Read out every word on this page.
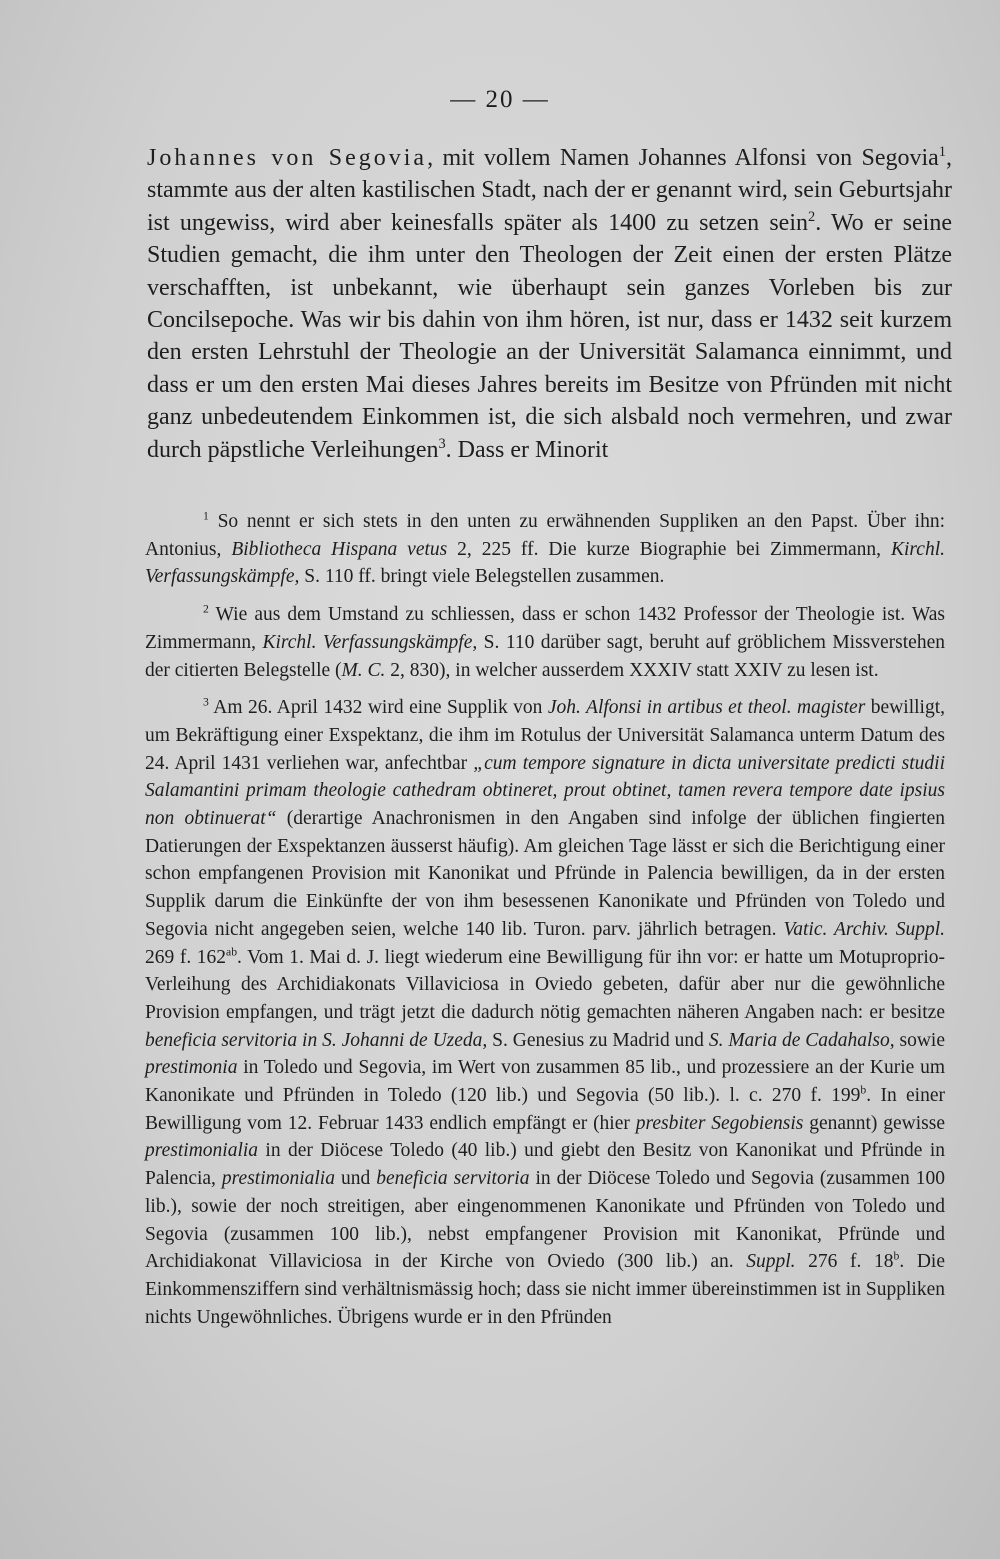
— 20 —

Johannes von Segovia, mit vollem Namen Johannes Alfonsi von Segovia$^1$, stammte aus der alten kastilischen Stadt, nach der er genannt wird, sein Geburtsjahr ist ungewiss, wird aber keinesfalls später als 1400 zu setzen sein$^2$. Wo er seine Studien gemacht, die ihm unter den Theologen der Zeit einen der ersten Plätze verschafften, ist unbekannt, wie überhaupt sein ganzes Vorleben bis zur Concilsepoche. Was wir bis dahin von ihm hören, ist nur, dass er 1432 seit kurzem den ersten Lehrstuhl der Theologie an der Universität Salamanca einnimmt, und dass er um den ersten Mai dieses Jahres bereits im Besitze von Pfründen mit nicht ganz unbedeutendem Einkommen ist, die sich alsbald noch vermehren, und zwar durch päpstliche Verleihungen$^3$. Dass er Minorit

$^1$ So nennt er sich stets in den unten zu erwähnenden Suppliken an den Papst. Über ihn: Antonius, Bibliotheca Hispana vetus 2, 225 ff. Die kurze Biographie bei Zimmermann, Kirchl. Verfassungskämpfe, S. 110 ff. bringt viele Belegstellen zusammen.

$^2$ Wie aus dem Umstand zu schliessen, dass er schon 1432 Professor der Theologie ist. Was Zimmermann, Kirchl. Verfassungskämpfe, S. 110 darüber sagt, beruht auf gröblichem Missverstehen der citierten Belegstelle (M. C. 2, 830), in welcher ausserdem XXXIV statt XXIV zu lesen ist.

$^3$ Am 26. April 1432 wird eine Supplik von Joh. Alfonsi in artibus et theol. magister bewilligt, um Bekräftigung einer Exspektanz, die ihm im Rotulus der Universität Salamanca unterm Datum des 24. April 1431 verliehen war, anfechtbar „cum tempore signature in dicta universitate predicti studii Salamantini primam theologie cathedram obtineret, prout obtinet, tamen revera tempore date ipsius non obtinuerat“ (derartige Anachronismen in den Angaben sind infolge der üblichen fingierten Datierungen der Exspektanzen äusserst häufig). Am gleichen Tage lässt er sich die Berichtigung einer schon empfangenen Provision mit Kanonikat und Pfründe in Palencia bewilligen, da in der ersten Supplik darum die Einkünfte der von ihm besessenen Kanonikate und Pfründen von Toledo und Segovia nicht angegeben seien, welche 140 lib. Turon. parv. jährlich betragen. Vatic. Archiv. Suppl. 269 f. $162^{ab}$. Vom 1. Mai d. J. liegt wiederum eine Bewilligung für ihn vor: er hatte um Motuproprio-Verleihung des Archidiakonats Villaviciosa in Oviedo gebeten, dafür aber nur die gewöhnliche Provision empfangen, und trägt jetzt die dadurch nötig gemachten näheren Angaben nach: er besitze beneficia servitoria in S. Johanni de Uzeda, S. Genesius zu Madrid und S. Maria de Cadahalso, sowie prestimonia in Toledo und Segovia, im Wert von zusammen 85 lib., und prozessiere an der Kurie um Kanonikate und Pfründen in Toledo (120 lib.) und Segovia (50 lib.). l. c. 270 f. 199$^b$. In einer Bewilligung vom 12. Februar 1433 endlich empfängt er (hier presbiter Segobiensis genannt) gewisse prestimonialia in der Diöcese Toledo (40 lib.) und giebt den Besitz von Kanonikat und Pfründe in Palencia, prestimonialia und beneficia servitoria in der Diöcese Toledo und Segovia (zusammen 100 lib.), sowie der noch streitigen, aber eingenommenen Kanonikate und Pfründen von Toledo und Segovia (zusammen 100 lib.), nebst empfangener Provision mit Kanonikat, Pfründe und Archidiakonat Villaviciosa in der Kirche von Oviedo (300 lib.) an. Suppl. 276 f. 18$^b$. Die Einkommensziffern sind verhältnismässig hoch; dass sie nicht immer übereinstimmen ist in Suppliken nichts Ungewöhnliches. Übrigens wurde er in den Pfründen
